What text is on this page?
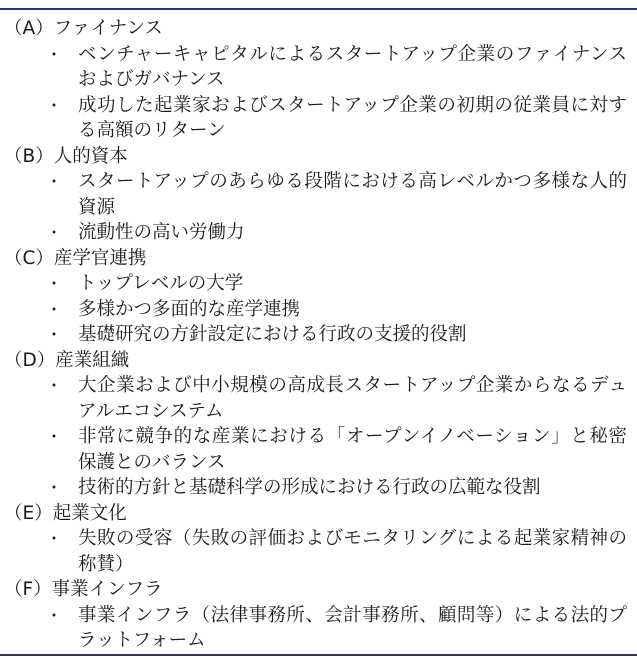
（A）ファイナンス
・ ベンチャーキャピタルによるスタートアップ企業のファイナンスおよびガバナンス
・ 成功した起業家およびスタートアップ企業の初期の従業員に対する高額のリターン
（B）人的資本
・ スタートアップのあらゆる段階における高レベルかつ多様な人的資源
・ 流動性の高い労働力
（C）産学官連携
・ トップレベルの大学
・ 多様かつ多面的な産学連携
・ 基礎研究の方針設定における行政の支援的役割
（D）産業組織
・ 大企業および中小規模の高成長スタートアップ企業からなるデュアルエコシステム
・ 非常に競争的な産業における「オープンイノベーション」と秘密保護とのバランス
・ 技術的方針と基礎科学の形成における行政の広範な役割
（E）起業文化
・ 失敗の受容（失敗の評価およびモニタリングによる起業家精神の称賛）
（F）事業インフラ
・ 事業インフラ（法律事務所、会計事務所、顧問等）による法的プラットフォーム
